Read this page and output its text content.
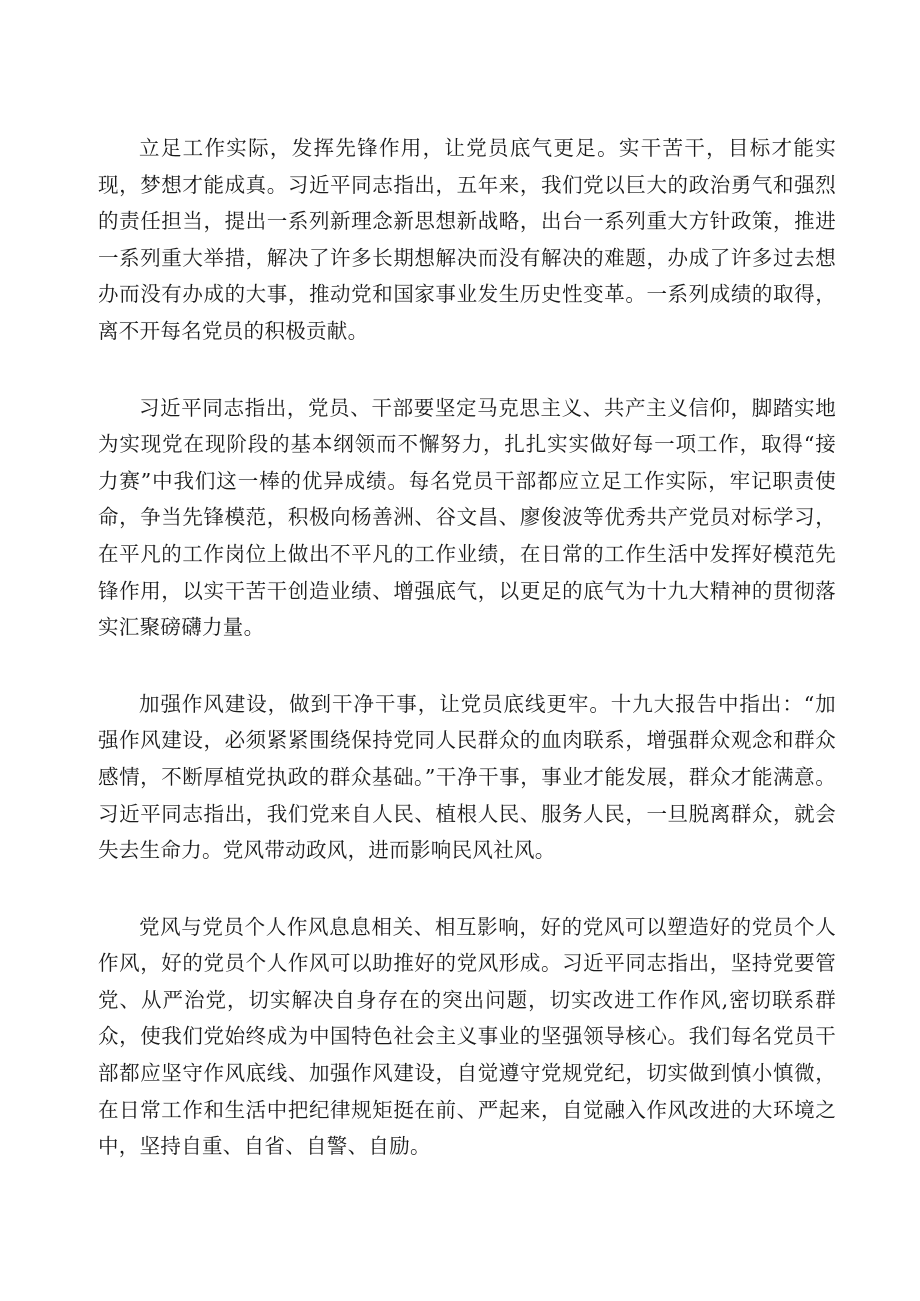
立足工作实际，发挥先锋作用，让党员底气更足。实干苦干，目标才能实现，梦想才能成真。习近平同志指出，五年来，我们党以巨大的政治勇气和强烈的责任担当，提出一系列新理念新思想新战略，出台一系列重大方针政策，推进一系列重大举措，解决了许多长期想解决而没有解决的难题，办成了许多过去想办而没有办成的大事，推动党和国家事业发生历史性变革。一系列成绩的取得，离不开每名党员的积极贡献。

习近平同志指出，党员、干部要坚定马克思主义、共产主义信仰，脚踏实地为实现党在现阶段的基本纲领而不懈努力，扎扎实实做好每一项工作，取得“接力赛”中我们这一棒的优异成绩。每名党员干部都应立足工作实际，牢记职责使命，争当先锋模范，积极向杨善洲、谷文昌、廖俊波等优秀共产党员对标学习，在平凡的工作岗位上做出不平凡的工作业绩，在日常的工作生活中发挥好模范先锋作用，以实干苦干创造业绩、增强底气，以更足的底气为十九大精神的贯彻落实汇聚磅礴力量。

加强作风建设，做到干净干事，让党员底线更牢。十九大报告中指出：“加强作风建设，必须紧紧围绕保持党同人民群众的血肉联系，增强群众观念和群众感情，不断厚植党执政的群众基础。”干净干事，事业才能发展，群众才能满意。习近平同志指出，我们党来自人民、植根人民、服务人民，一旦脱离群众，就会失去生命力。党风带动政风，进而影响民风社风。

党风与党员个人作风息息相关、相互影响，好的党风可以塑造好的党员个人作风，好的党员个人作风可以助推好的党风形成。习近平同志指出，坚持党要管党、从严治党，切实解决自身存在的突出问题，切实改进工作作风,密切联系群众，使我们党始终成为中国特色社会主义事业的坚强领导核心。我们每名党员干部都应坚守作风底线、加强作风建设，自觉遵守党规党纪，切实做到慎小慎微，在日常工作和生活中把纪律规矩挺在前、严起来，自觉融入作风改进的大环境之中，坚持自重、自省、自警、自励。
